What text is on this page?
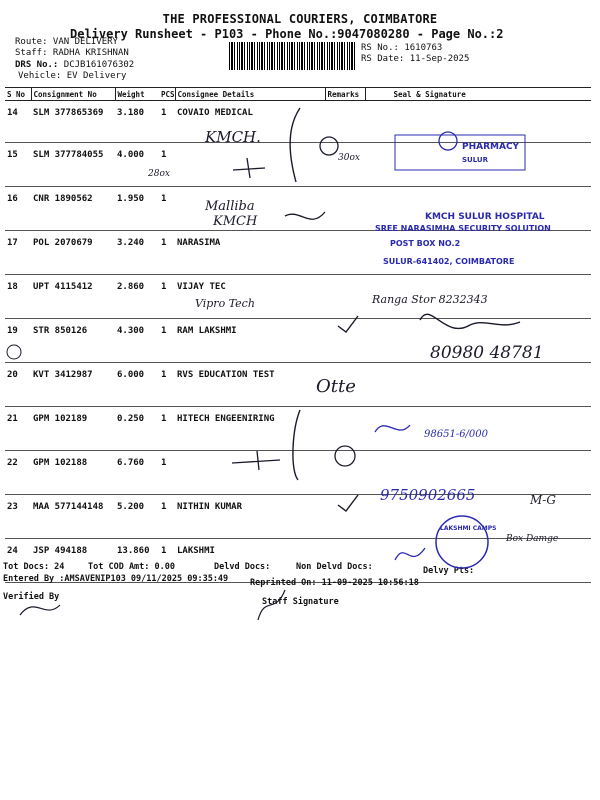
THE PROFESSIONAL COURIERS, COIMBATORE
Delivery Runsheet - P103 - Phone No.:9047080280 - Page No.:2
Route: VAN DELIVERY
Staff: RADHA KRISHNAN
DRS No.: DCJB161076302
Vehicle: EV Delivery
RS No.: 1610763
RS Date: 11-Sep-2025
S No	Consignment No	Weight	PCS	Consignee Details	Remarks	Seal & Signature
14	SLM 377865369	3.180	1	COVAIO MEDICAL		
15	SLM 377784055	4.000	1			
16	CNR 1890562	1.950	1			
17	POL 2070679	3.240	1	NARASIMA		
18	UPT 4115412	2.860	1	VIJAY TEC		
19	STR 850126	4.300	1	RAM LAKSHMI		
20	KVT 3412987	6.000	1	RVS EDUCATION TEST		
21	GPM 102189	0.250	1	HITECH ENGEENIRING		
22	GPM 102188	6.760	1			
23	MAA 577144148	5.200	1	NITHIN KUMAR		
24	JSP 494188	13.860	1	LAKSHMI		
Tot Docs: 24	Tot COD Amt: 0.00	Delvd Docs:	Non Delvd Docs:	Delvy Pts:
Entered By :AMSAVENIP103 09/11/2025 09:35:49	Reprinted On: 11-09-2025 10:56:18
Verified By	Staff Signature
KMCH.
30ox
28ox
Malliba
KMCH
Vipro Tech	Ranga Stor 8232343
80980 48781
Otte
98651-6/000
9750902665	M-G
Box Damge
PHARMACY
SULUR
KMCH SULUR HOSPITAL
SREE NARASIMHA SECURITY SOLUTION
POST BOX NO.2
SULUR-641402, COIMBATORE
LAKSHMI CAMPS
